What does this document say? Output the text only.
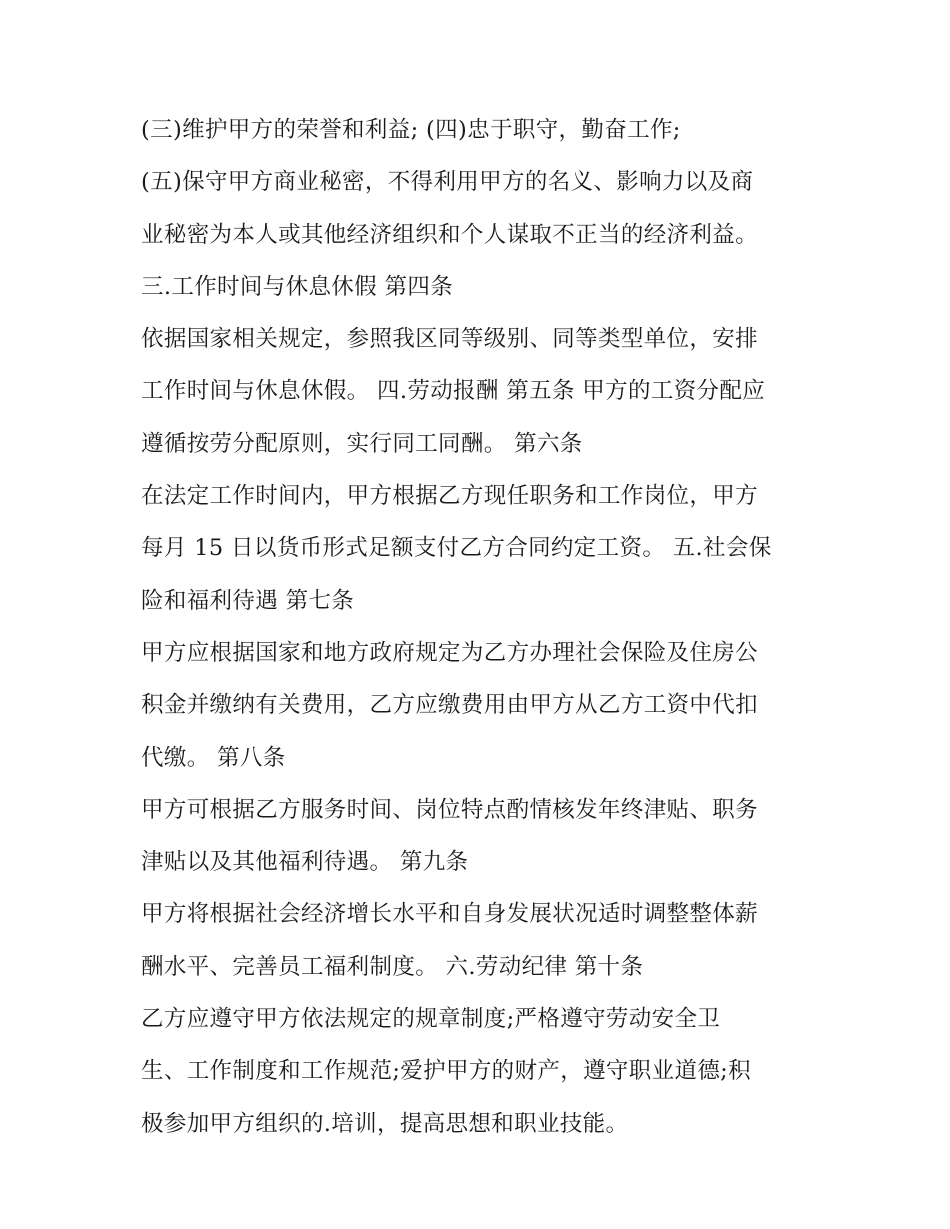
(三)维护甲方的荣誉和利益; (四)忠于职守，勤奋工作;
(五)保守甲方商业秘密，不得利用甲方的名义、影响力以及商
业秘密为本人或其他经济组织和个人谋取不正当的经济利益。
三.工作时间与休息休假 第四条
依据国家相关规定，参照我区同等级别、同等类型单位，安排
工作时间与休息休假。 四.劳动报酬 第五条 甲方的工资分配应
遵循按劳分配原则，实行同工同酬。 第六条
在法定工作时间内，甲方根据乙方现任职务和工作岗位，甲方
每月 15 日以货币形式足额支付乙方合同约定工资。 五.社会保
险和福利待遇 第七条
甲方应根据国家和地方政府规定为乙方办理社会保险及住房公
积金并缴纳有关费用，乙方应缴费用由甲方从乙方工资中代扣
代缴。 第八条
甲方可根据乙方服务时间、岗位特点酌情核发年终津贴、职务
津贴以及其他福利待遇。 第九条
甲方将根据社会经济增长水平和自身发展状况适时调整整体薪
酬水平、完善员工福利制度。 六.劳动纪律 第十条
乙方应遵守甲方依法规定的规章制度;严格遵守劳动安全卫
生、工作制度和工作规范;爱护甲方的财产，遵守职业道德;积
极参加甲方组织的.培训，提高思想和职业技能。
